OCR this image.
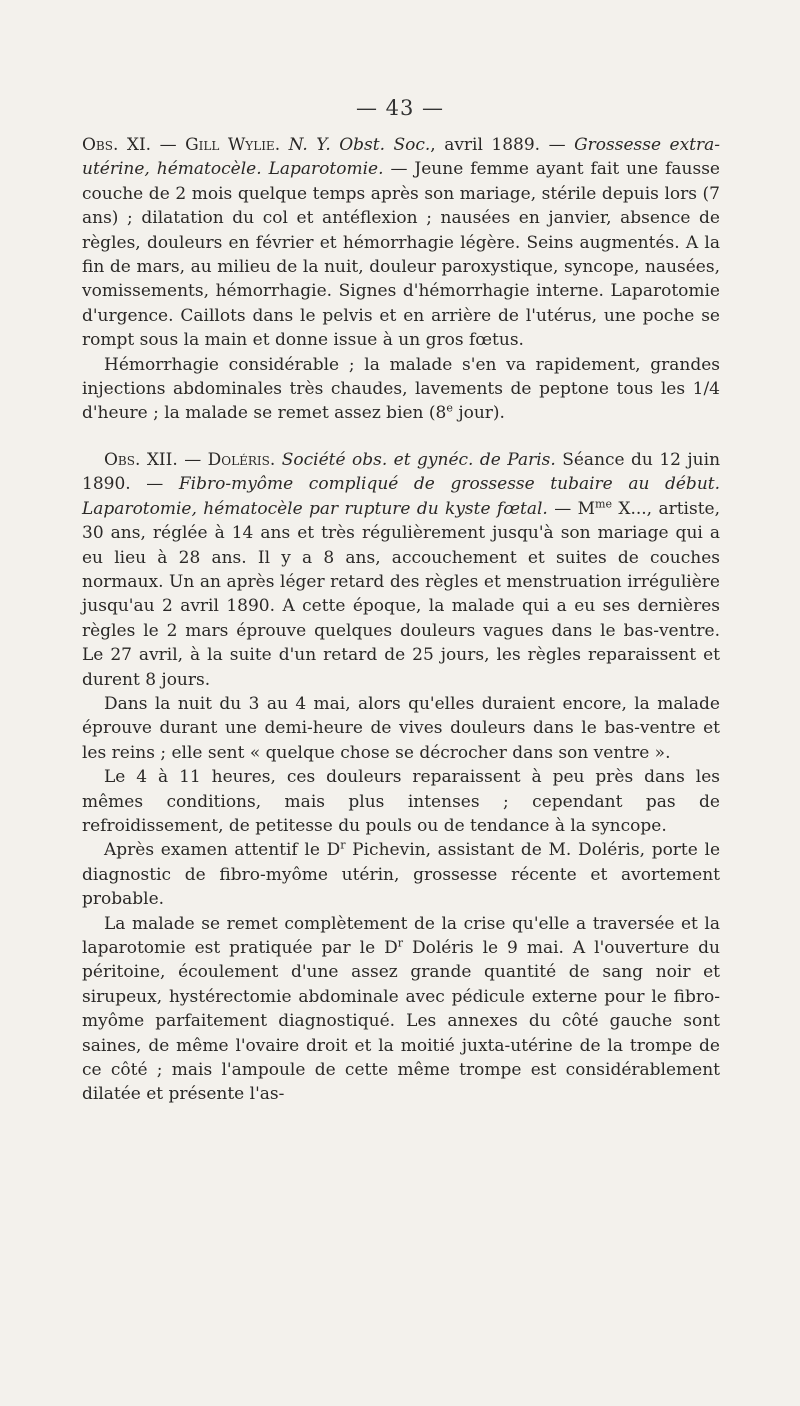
— 43 —

Obs. XI. — Gill Wylie. N. Y. Obst. Soc., avril 1889. — Grossesse extra-utérine, hématocèle. Laparotomie. — Jeune femme ayant fait une fausse couche de 2 mois quelque temps après son mariage, stérile depuis lors (7 ans) ; dilatation du col et antéflexion ; nausées en janvier, absence de règles, douleurs en février et hémorrhagie légère. Seins augmentés. A la fin de mars, au milieu de la nuit, douleur paroxystique, syncope, nausées, vomissements, hémorrhagie. Signes d'hémorrhagie interne. Laparotomie d'urgence. Caillots dans le pelvis et en arrière de l'utérus, une poche se rompt sous la main et donne issue à un gros fœtus.

Hémorrhagie considérable ; la malade s'en va rapidement, grandes injections abdominales très chaudes, lavements de peptone tous les 1/4 d'heure ; la malade se remet assez bien (8e jour).

Obs. XII. — Doléris. Société obs. et gynéc. de Paris. Séance du 12 juin 1890. — Fibro-myôme compliqué de grossesse tubaire au début. Laparotomie, hématocèle par rupture du kyste fœtal. — $M^{me}$ X..., artiste, 30 ans, réglée à 14 ans et très régulièrement jusqu'à son mariage qui a eu lieu à 28 ans. Il y a 8 ans, accouchement et suites de couches normaux. Un an après léger retard des règles et menstruation irrégulière jusqu'au 2 avril 1890. A cette époque, la malade qui a eu ses dernières règles le 2 mars éprouve quelques douleurs vagues dans le bas-ventre. Le 27 avril, à la suite d'un retard de 25 jours, les règles reparaissent et durent 8 jours.

Dans la nuit du 3 au 4 mai, alors qu'elles duraient encore, la malade éprouve durant une demi-heure de vives douleurs dans le bas-ventre et les reins ; elle sent « quelque chose se décrocher dans son ventre ».

Le 4 à 11 heures, ces douleurs reparaissent à peu près dans les mêmes conditions, mais plus intenses ; cependant pas de refroidissement, de petitesse du pouls ou de tendance à la syncope.

Après examen attentif le $D^r$ Pichevin, assistant de M. Doléris, porte le diagnostic de fibro-myôme utérin, grossesse récente et avortement probable.

La malade se remet complètement de la crise qu'elle a traversée et la laparotomie est pratiquée par le $D^r$ Doléris le 9 mai. A l'ouverture du péritoine, écoulement d'une assez grande quantité de sang noir et sirupeux, hystérectomie abdominale avec pédicule externe pour le fibro-myôme parfaitement diagnostiqué. Les annexes du côté gauche sont saines, de même l'ovaire droit et la moitié juxta-utérine de la trompe de ce côté ; mais l'ampoule de cette même trompe est considérablement dilatée et présente l'as-
